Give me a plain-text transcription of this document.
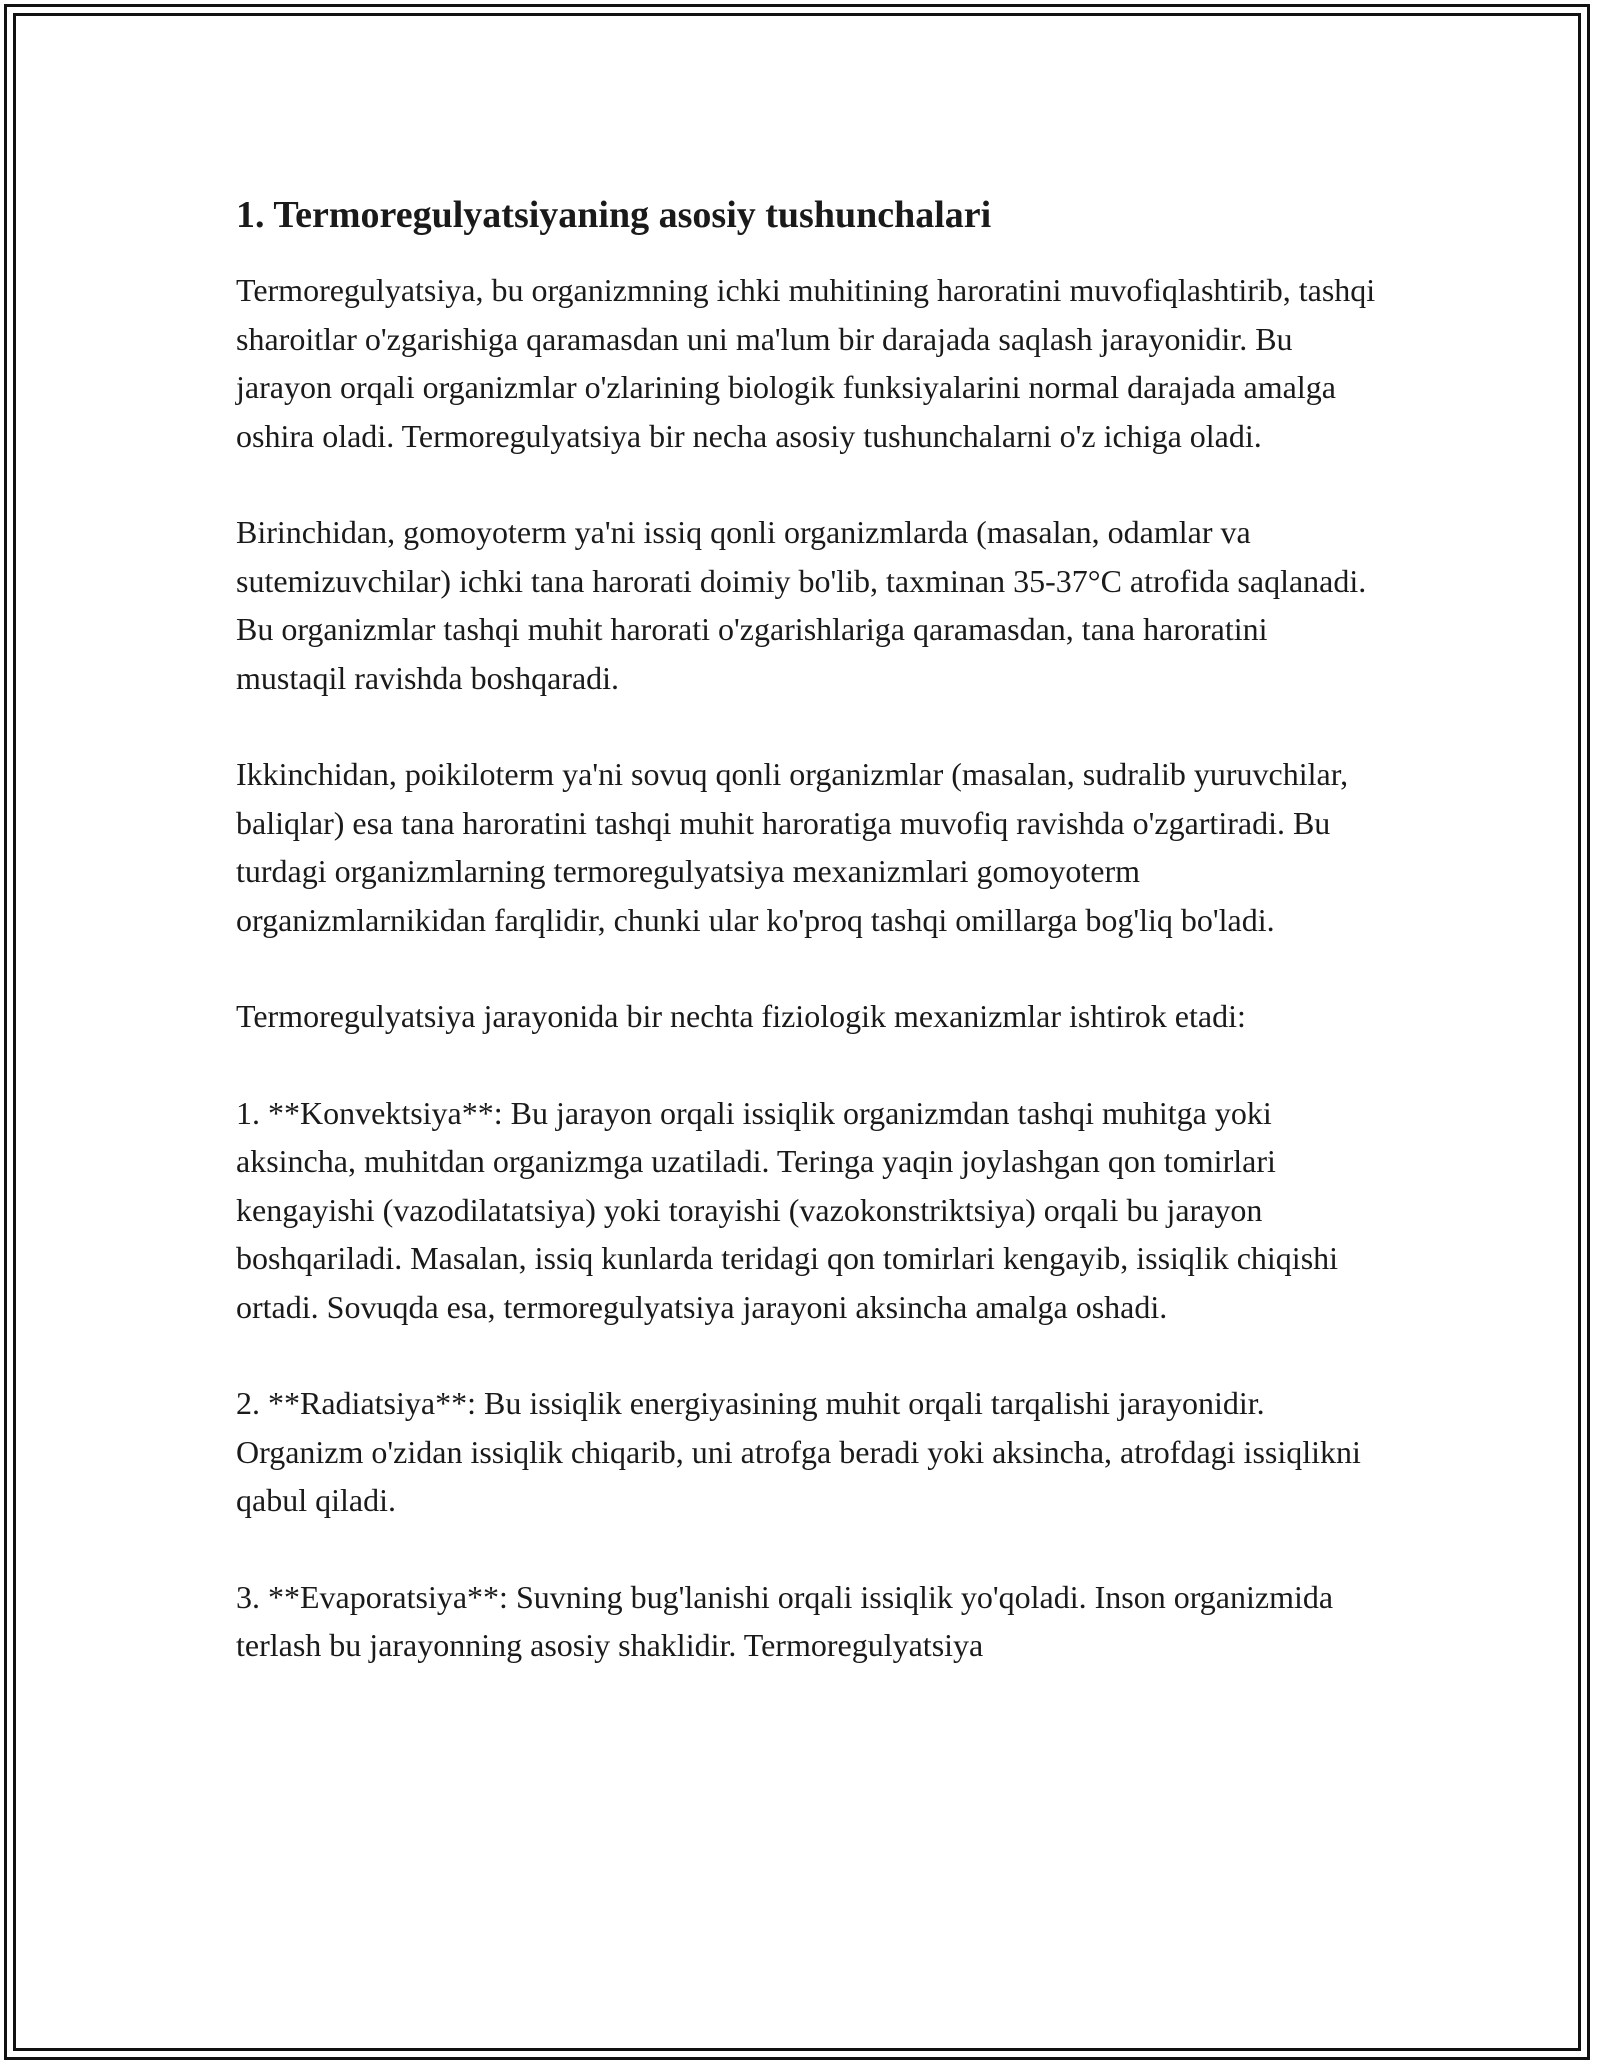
1. Termoregulyatsiyaning asosiy tushunchalari

Termoregulyatsiya, bu organizmning ichki muhitining haroratini muvofiqlashtirib, tashqi sharoitlar o'zgarishiga qaramasdan uni ma'lum bir darajada saqlash jarayonidir. Bu jarayon orqali organizmlar o'zlarining biologik funksiyalarini normal darajada amalga oshira oladi. Termoregulyatsiya bir necha asosiy tushunchalarni o'z ichiga oladi.

Birinchidan, gomoyoterm ya'ni issiq qonli organizmlarda (masalan, odamlar va sutemizuvchilar) ichki tana harorati doimiy bo'lib, taxminan 35-37°C atrofida saqlanadi. Bu organizmlar tashqi muhit harorati o'zgarishlariga qaramasdan, tana haroratini mustaqil ravishda boshqaradi.

Ikkinchidan, poikiloterm ya'ni sovuq qonli organizmlar (masalan, sudralib yuruvchilar, baliqlar) esa tana haroratini tashqi muhit haroratiga muvofiq ravishda o'zgartiradi. Bu turdagi organizmlarning termoregulyatsiya mexanizmlari gomoyoterm organizmlarnikidan farqlidir, chunki ular ko'proq tashqi omillarga bog'liq bo'ladi.

Termoregulyatsiya jarayonida bir nechta fiziologik mexanizmlar ishtirok etadi:

1. **Konvektsiya**: Bu jarayon orqali issiqlik organizmdan tashqi muhitga yoki aksincha, muhitdan organizmga uzatiladi. Teringa yaqin joylashgan qon tomirlari kengayishi (vazodilatatsiya) yoki torayishi (vazokonstriktsiya) orqali bu jarayon boshqariladi. Masalan, issiq kunlarda teridagi qon tomirlari kengayib, issiqlik chiqishi ortadi. Sovuqda esa, termoregulyatsiya jarayoni aksincha amalga oshadi.

2. **Radiatsiya**: Bu issiqlik energiyasining muhit orqali tarqalishi jarayonidir. Organizm o'zidan issiqlik chiqarib, uni atrofga beradi yoki aksincha, atrofdagi issiqlikni qabul qiladi.

3. **Evaporatsiya**: Suvning bug'lanishi orqali issiqlik yo'qoladi. Inson organizmida terlash bu jarayonning asosiy shaklidir. Termoregulyatsiya
